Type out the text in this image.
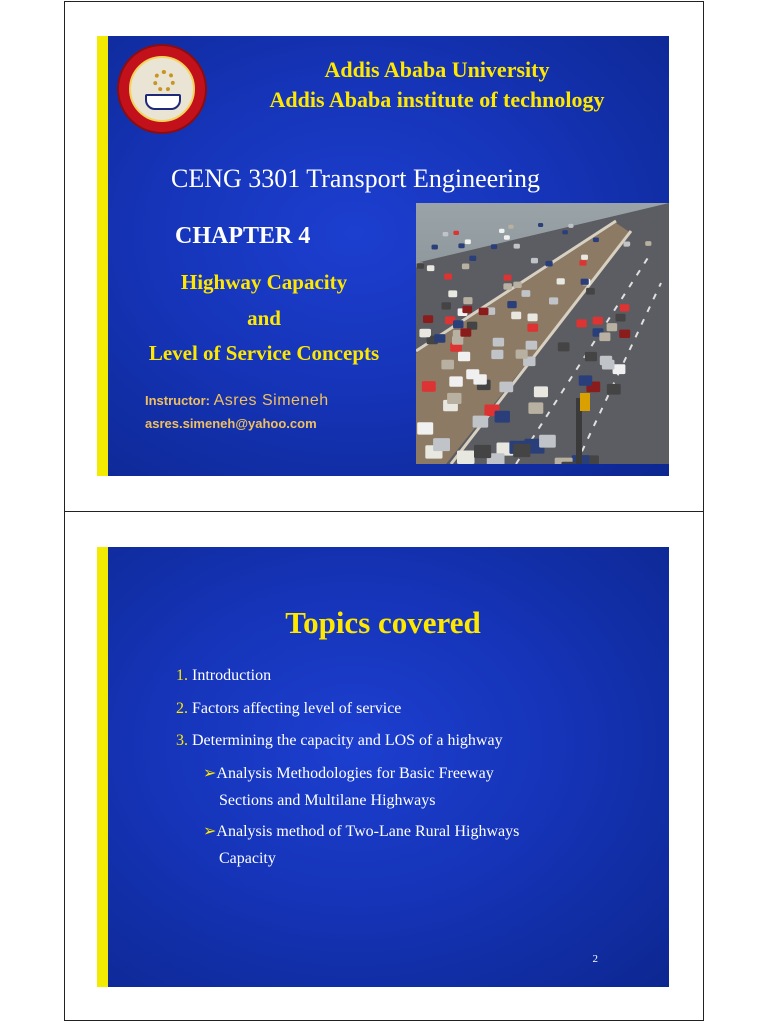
Addis Ababa University
Addis Ababa institute of technology
CENG 3301 Transport Engineering
CHAPTER 4
Highway Capacity
and
Level of Service Concepts
Instructor: Asres Simeneh
asres.simeneh@yahoo.com
Topics covered
1. Introduction
2. Factors affecting level of service
3. Determining the capacity and LOS of a highway
➢Analysis Methodologies for Basic Freeway
Sections and Multilane Highways
➢Analysis method of Two-Lane Rural Highways
Capacity
2
